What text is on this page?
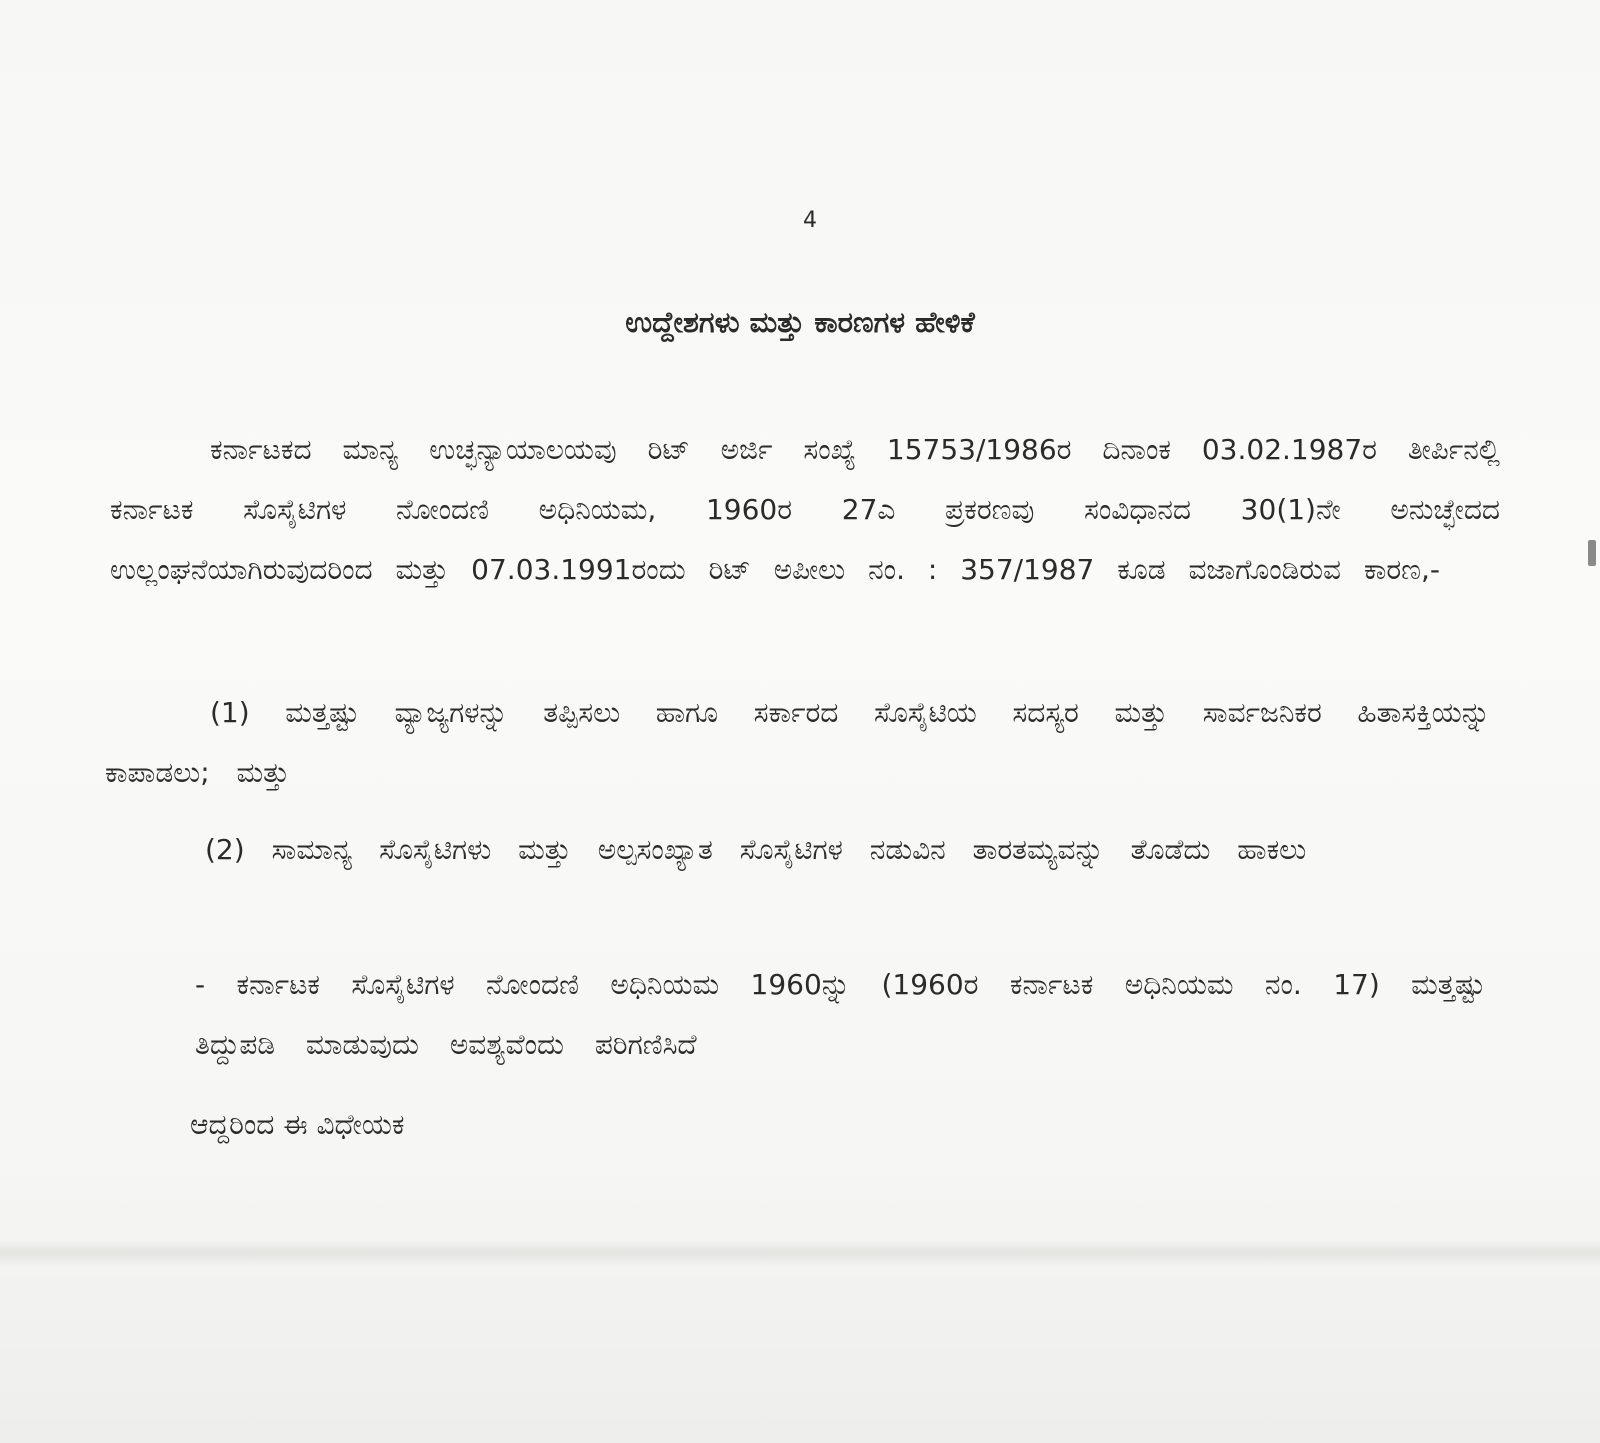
4
ಉದ್ದೇಶಗಳು ಮತ್ತು ಕಾರಣಗಳ ಹೇಳಿಕೆ
ಕರ್ನಾಟಕದ ಮಾನ್ಯ ಉಚ್ಛನ್ಯಾಯಾಲಯವು ರಿಟ್ ಅರ್ಜಿ ಸಂಖ್ಯೆ 15753/1986ರ ದಿನಾಂಕ 03.02.1987ರ ತೀರ್ಪಿನಲ್ಲಿ ಕರ್ನಾಟಕ ಸೊಸೈಟಿಗಳ ನೋಂದಣಿ ಅಧಿನಿಯಮ, 1960ರ 27ಎ ಪ್ರಕರಣವು ಸಂವಿಧಾನದ 30(1)ನೇ ಅನುಚ್ಛೇದದ ಉಲ್ಲಂಘನೆಯಾಗಿರುವುದರಿಂದ ಮತ್ತು 07.03.1991ರಂದು ರಿಟ್ ಅಪೀಲು ನಂ. : 357/1987 ಕೂಡ ವಜಾಗೊಂಡಿರುವ ಕಾರಣ,-
(1) ಮತ್ತಷ್ಟು ವ್ಯಾಜ್ಯಗಳನ್ನು ತಪ್ಪಿಸಲು ಹಾಗೂ ಸರ್ಕಾರದ ಸೊಸೈಟಿಯ ಸದಸ್ಯರ ಮತ್ತು ಸಾರ್ವಜನಿಕರ ಹಿತಾಸಕ್ತಿಯನ್ನು ಕಾಪಾಡಲು; ಮತ್ತು
(2) ಸಾಮಾನ್ಯ ಸೊಸೈಟಿಗಳು ಮತ್ತು ಅಲ್ಪಸಂಖ್ಯಾತ ಸೊಸೈಟಿಗಳ ನಡುವಿನ ತಾರತಮ್ಯವನ್ನು ತೊಡೆದು ಹಾಕಲು
- ಕರ್ನಾಟಕ ಸೊಸೈಟಿಗಳ ನೋಂದಣಿ ಅಧಿನಿಯಮ 1960ನ್ನು (1960ರ ಕರ್ನಾಟಕ ಅಧಿನಿಯಮ ನಂ. 17) ಮತ್ತಷ್ಟು ತಿದ್ದುಪಡಿ ಮಾಡುವುದು ಅವಶ್ಯವೆಂದು ಪರಿಗಣಿಸಿದೆ
ಆದ್ದರಿಂದ ಈ ವಿಧೇಯಕ
